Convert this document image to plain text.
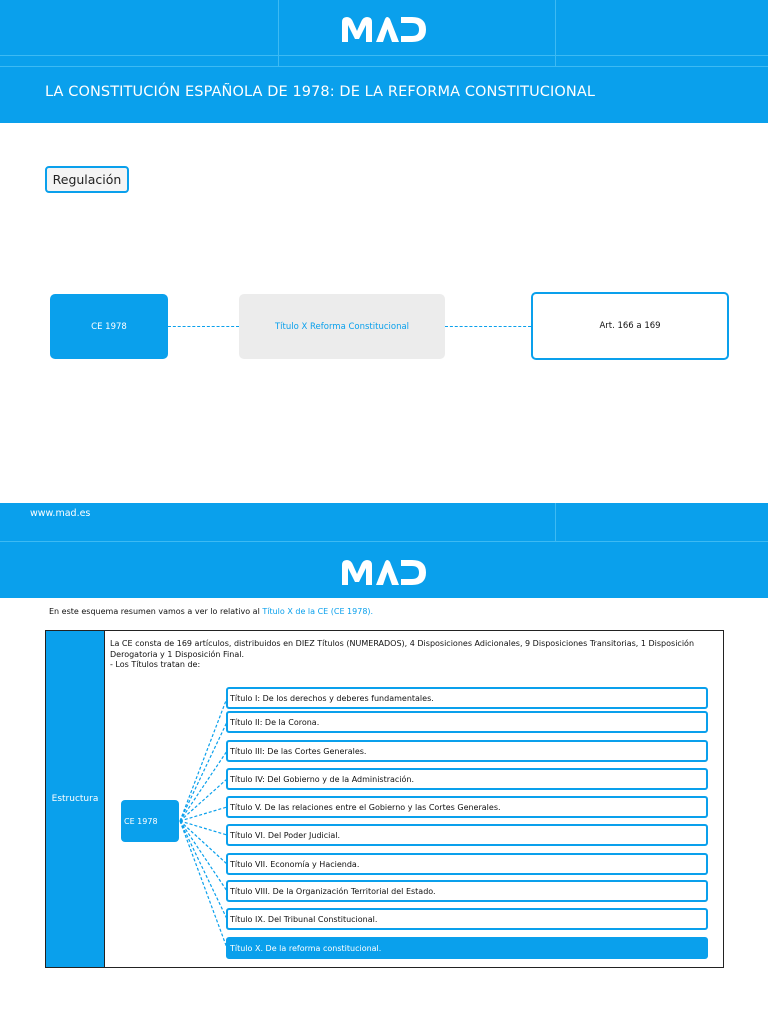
LA CONSTITUCIÓN ESPAÑOLA DE 1978: DE LA REFORMA CONSTITUCIONAL
Regulación
CE 1978	Título X Reforma Constitucional	Art. 166 a 169
www.mad.es
En este esquema resumen vamos a ver lo relativo al Título X de la CE (CE 1978).
Estructura
La CE consta de 169 artículos, distribuidos en DIEZ Títulos (NUMERADOS), 4 Disposiciones Adicionales, 9 Disposiciones Transitorias, 1 Disposición Derogatoria y 1 Disposición Final.
- Los Títulos tratan de:
CE 1978
Título I: De los derechos y deberes fundamentales.
Título II: De la Corona.
Título III: De las Cortes Generales.
Título IV: Del Gobierno y de la Administración.
Título V. De las relaciones entre el Gobierno y las Cortes Generales.
Título VI. Del Poder Judicial.
Título VII. Economía y Hacienda.
Título VIII. De la Organización Territorial del Estado.
Título IX. Del Tribunal Constitucional.
Título X. De la reforma constitucional.
